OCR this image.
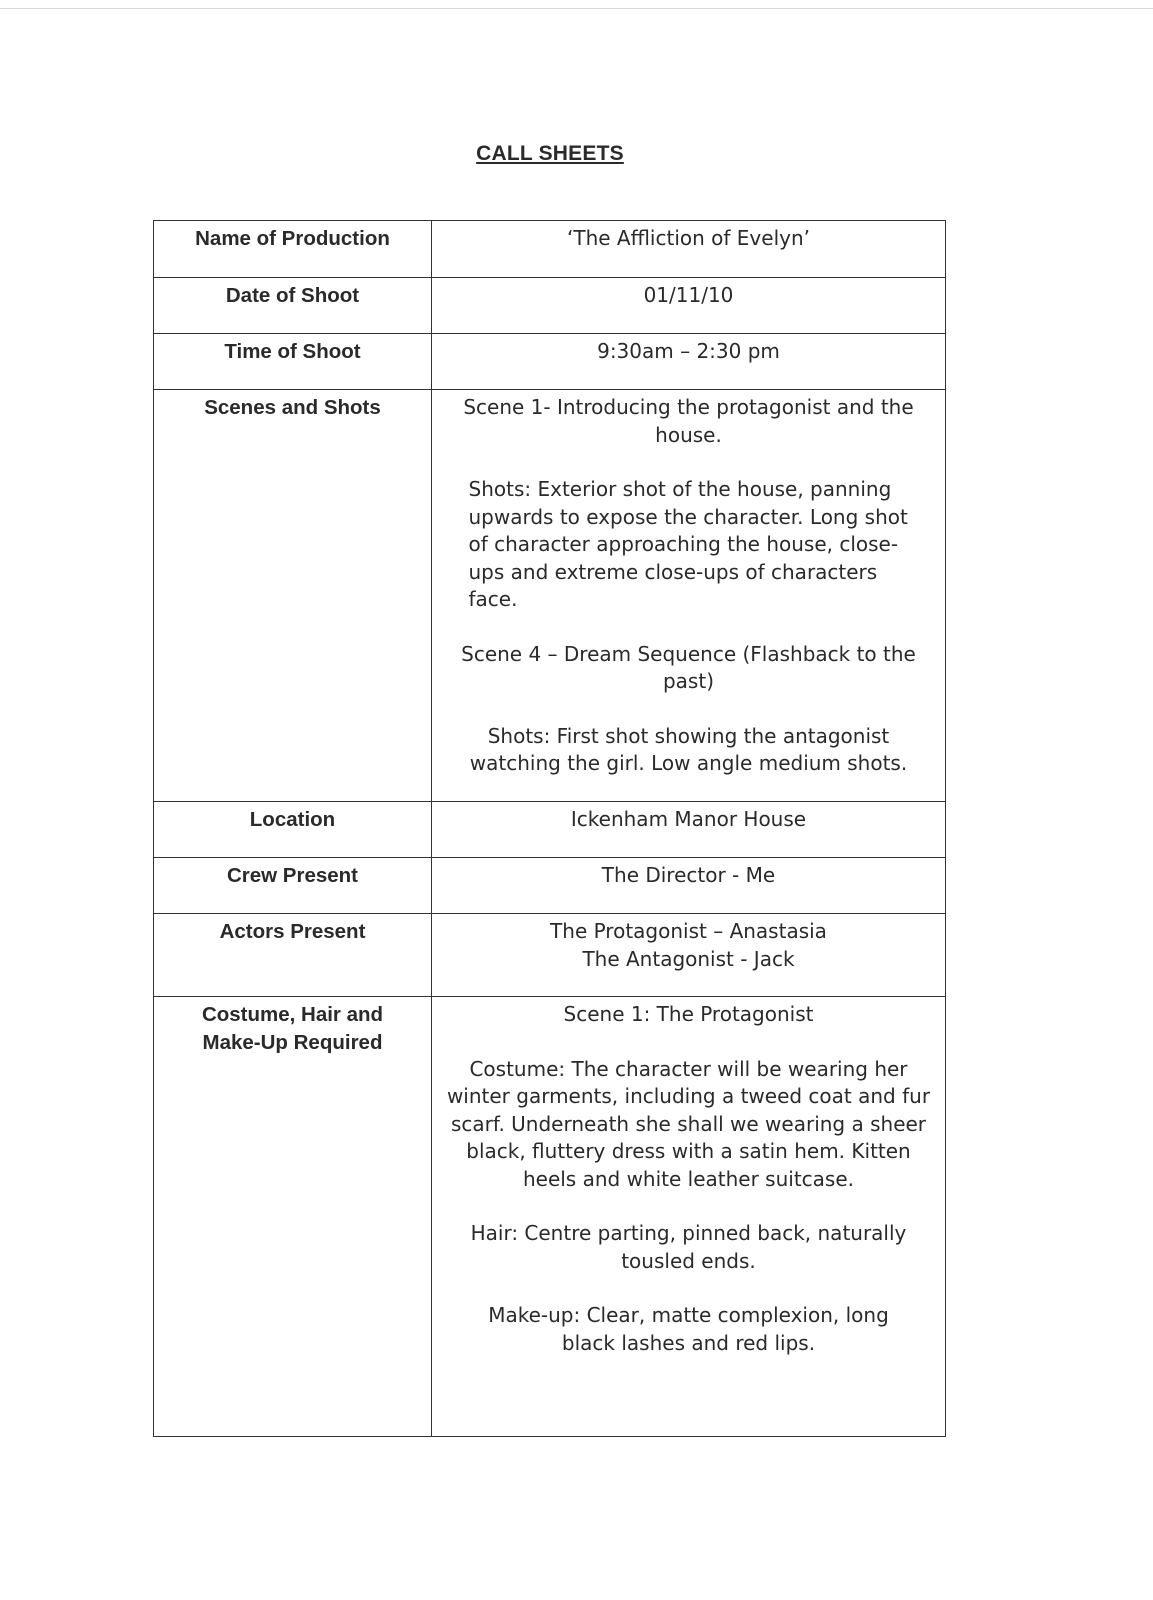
CALL SHEETS
Name of Production	‘The Affliction of Evelyn’
Date of Shoot	01/11/10
Time of Shoot	9:30am – 2:30 pm
Scenes and Shots	Scene 1- Introducing the protagonist and the house.

Shots: Exterior shot of the house, panning upwards to expose the character. Long shot of character approaching the house, close-ups and extreme close-ups of characters face.

Scene 4 – Dream Sequence (Flashback to the past)

Shots: First shot showing the antagonist watching the girl. Low angle medium shots.

Location	Ickenham Manor House
Crew Present	The Director - Me
Actors Present	The Protagonist – Anastasia

The Antagonist - Jack

Costume, Hair and Make-Up Required	Scene 1: The Protagonist

Costume: The character will be wearing her winter garments, including a tweed coat and fur scarf. Underneath she shall we wearing a sheer black, fluttery dress with a satin hem. Kitten heels and white leather suitcase.

Hair: Centre parting, pinned back, naturally tousled ends.

Make-up: Clear, matte complexion, long black lashes and red lips.
